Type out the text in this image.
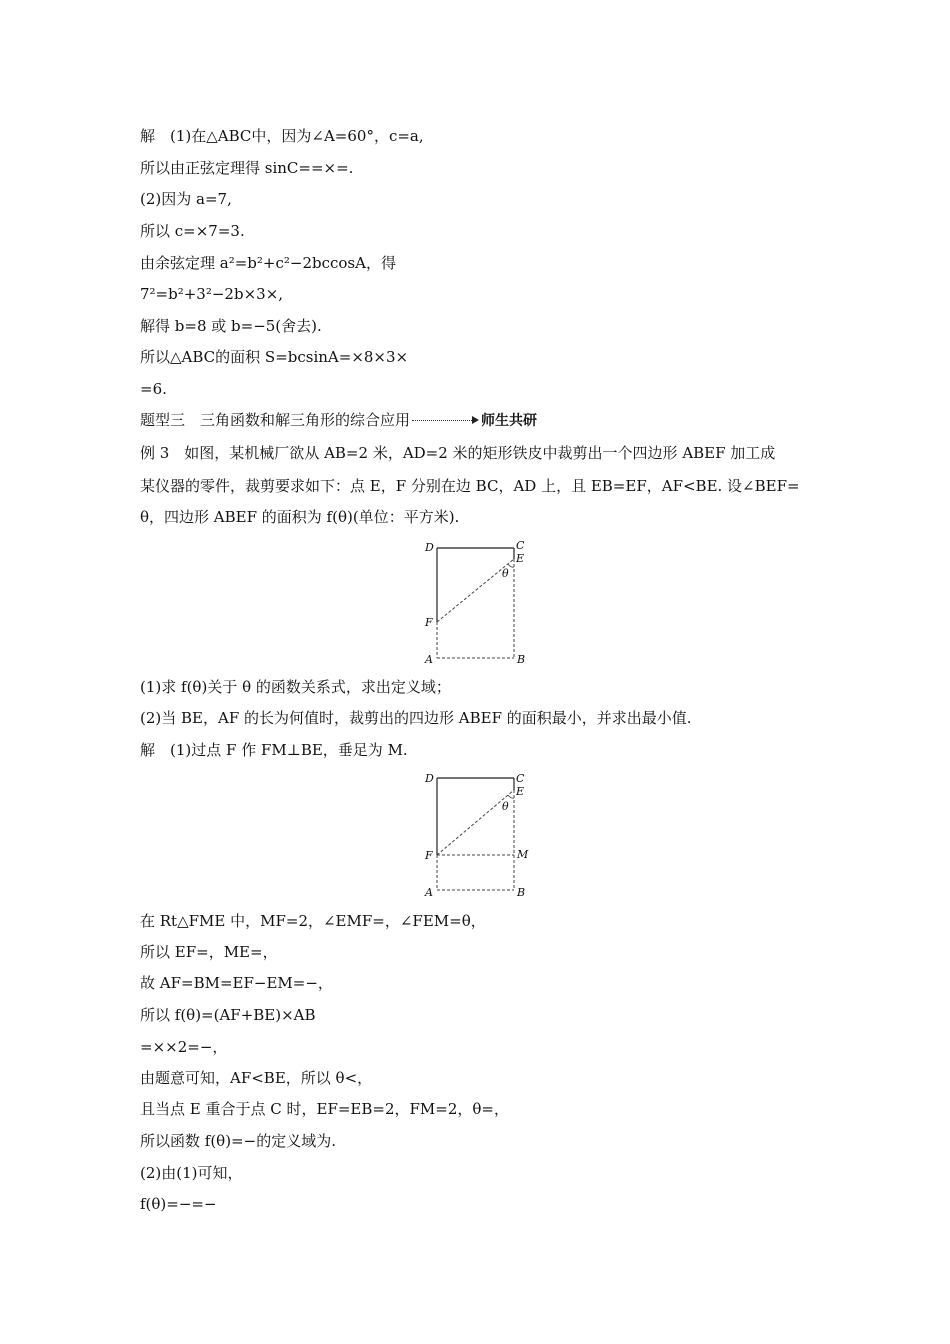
解　(1)在△ABC中，因为∠A=60°，c=a,
所以由正弦定理得 sinC==×=.
(2)因为 a=7,
所以 c=×7=3.
由余弦定理 a²=b²+c²−2bccosA，得
7²=b²+3²−2b×3×,
解得 b=8 或 b=−5(舍去).
所以△ABC的面积 S=bcsinA=×8×3×
=6.
题型三　三角函数和解三角形的综合应用	师生共研
例 3　如图，某机械厂欲从 AB=2 米，AD=2 米的矩形铁皮中裁剪出一个四边形 ABEF 加工成
某仪器的零件，裁剪要求如下：点 E，F 分别在边 BC，AD 上，且 EB=EF，AF<BE. 设∠BEF=
θ，四边形 ABEF 的面积为 f(θ)(单位：平方米).
D	C
E
θ
F
A	B
(1)求 f(θ)关于 θ 的函数关系式，求出定义域；
(2)当 BE，AF 的长为何值时，裁剪出的四边形 ABEF 的面积最小，并求出最小值.
解　(1)过点 F 作 FM⊥BE，垂足为 M.
D	C
E
θ
F	M
A	B
在 Rt△FME 中，MF=2，∠EMF=，∠FEM=θ，
所以 EF=，ME=，
故 AF=BM=EF−EM=−，
所以 f(θ)=(AF+BE)×AB
=××2=−，
由题意可知，AF<BE，所以 θ<，
且当点 E 重合于点 C 时，EF=EB=2，FM=2，θ=，
所以函数 f(θ)=−的定义域为.
(2)由(1)可知，
f(θ)=−=−
